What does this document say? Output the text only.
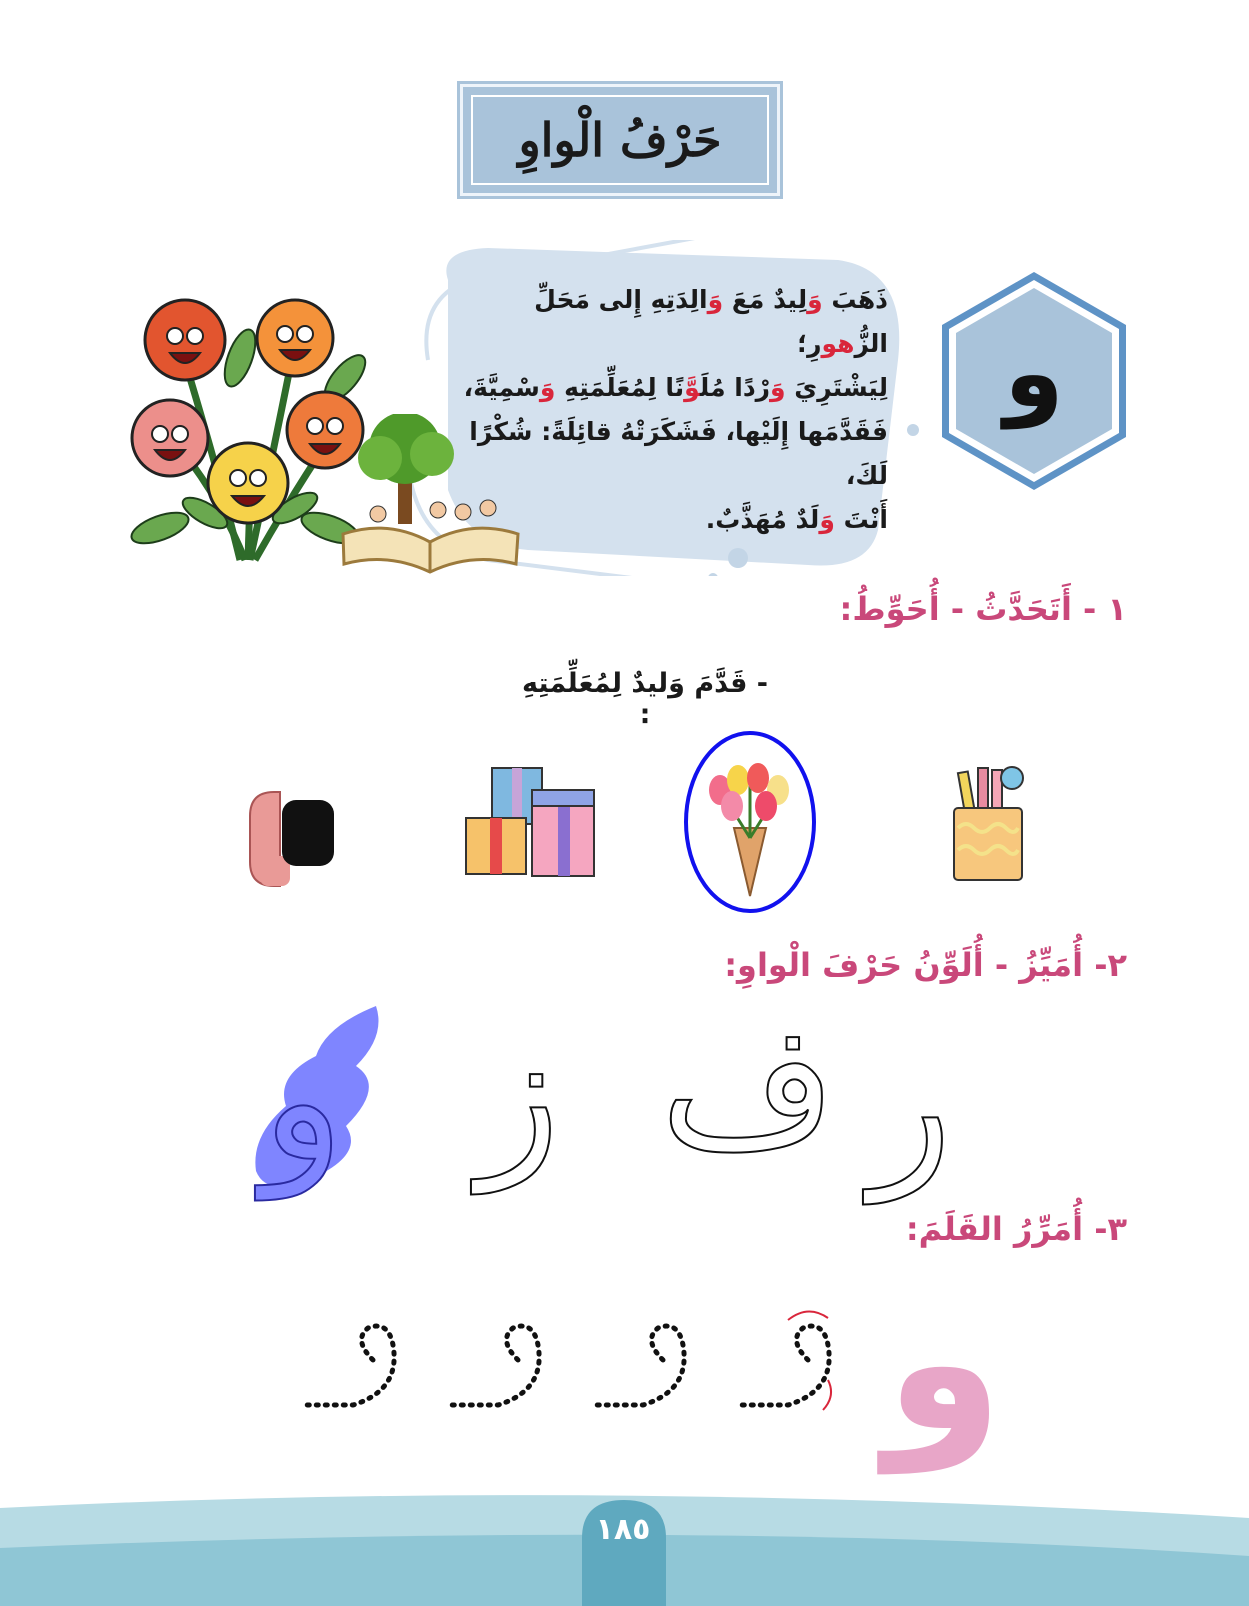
حَرْفُ الْواوِ
ذَهَبَ وَلِيدٌ مَعَ وَالِدَتِهِ إِلى مَحَلِّ الزُّهورِ؛
لِيَشْتَرِيَ وَرْدًا مُلَوَّنًا لِمُعَلِّمَتِهِ وَسْمِيَّةَ،
فَقَدَّمَها إِلَيْها، فَشَكَرَتْهُ قائِلَةً: شُكْرًا لَكَ،
أَنْتَ وَلَدٌ مُهَذَّبٌ.
و
١ - أَتَحَدَّثُ - أُحَوِّطُ:
- قَدَّمَ وَليدٌ لِمُعَلِّمَتِهِ :
٢- أُمَيِّزُ - أُلَوِّنُ حَرْفَ الْواوِ:
ر
ف
ز
و
٣- أُمَرِّرُ القَلَمَ:
و
١٨٥
